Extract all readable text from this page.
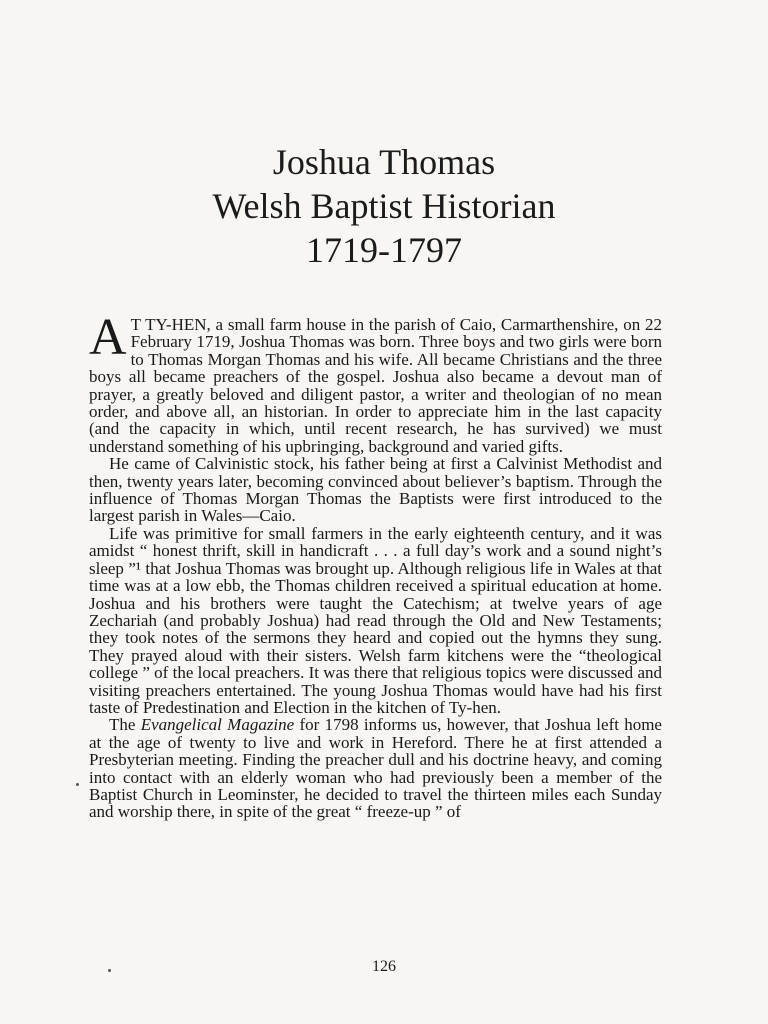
Joshua Thomas
Welsh Baptist Historian
1719-1797

A T TY-HEN, a small farm house in the parish of Caio, Carmarthenshire, on 22 February 1719, Joshua Thomas was born. Three boys and two girls were born to Thomas Morgan Thomas and his wife. All became Christians and the three boys all became preachers of the gospel. Joshua also became a devout man of prayer, a greatly beloved and diligent pastor, a writer and theologian of no mean order, and above all, an historian. In order to appreciate him in the last capacity (and the capacity in which, until recent research, he has survived) we must understand something of his upbringing, background and varied gifts.

He came of Calvinistic stock, his father being at first a Calvinist Methodist and then, twenty years later, becoming convinced about believer’s baptism. Through the influence of Thomas Morgan Thomas the Baptists were first introduced to the largest parish in Wales—Caio.

Life was primitive for small farmers in the early eighteenth century, and it was amidst “ honest thrift, skill in handicraft . . . a full day’s work and a sound night’s sleep ”¹ that Joshua Thomas was brought up. Although religious life in Wales at that time was at a low ebb, the Thomas children received a spiritual education at home. Joshua and his brothers were taught the Catechism; at twelve years of age Zechariah (and probably Joshua) had read through the Old and New Testaments; they took notes of the sermons they heard and copied out the hymns they sung. They prayed aloud with their sisters. Welsh farm kitchens were the “theological college ” of the local preachers. It was there that religious topics were discussed and visiting preachers entertained. The young Joshua Thomas would have had his first taste of Predestination and Election in the kitchen of Ty-hen.

The Evangelical Magazine for 1798 informs us, however, that Joshua left home at the age of twenty to live and work in Hereford. There he at first attended a Presbyterian meeting. Finding the preacher dull and his doctrine heavy, and coming into contact with an elderly woman who had previously been a member of the Baptist Church in Leominster, he decided to travel the thirteen miles each Sunday and worship there, in spite of the great “ freeze-up ” of

126
